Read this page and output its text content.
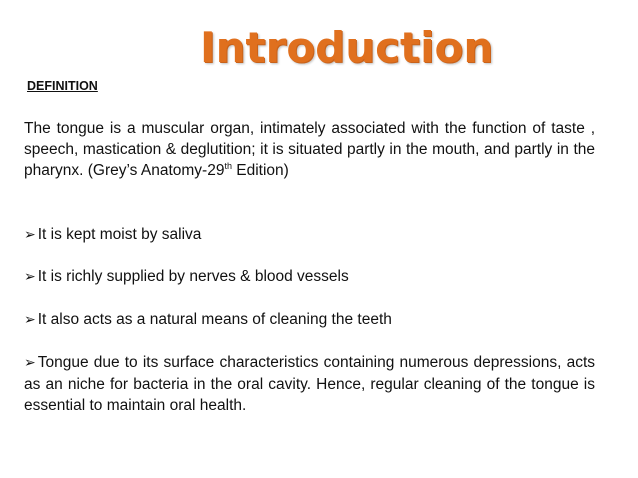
Introduction
DEFINITION
The tongue is a muscular organ, intimately associated with the function of taste , speech, mastication & deglutition; it is situated partly in the mouth, and partly in the pharynx. (Grey’s Anatomy-29th Edition)
➢ It is kept moist by saliva
➢ It is richly supplied by nerves & blood vessels
➢ It also acts as a natural means of cleaning the teeth
➢ Tongue due to its surface characteristics containing numerous depressions, acts as an niche for bacteria in the oral cavity. Hence, regular cleaning of the tongue is essential to maintain oral health.
